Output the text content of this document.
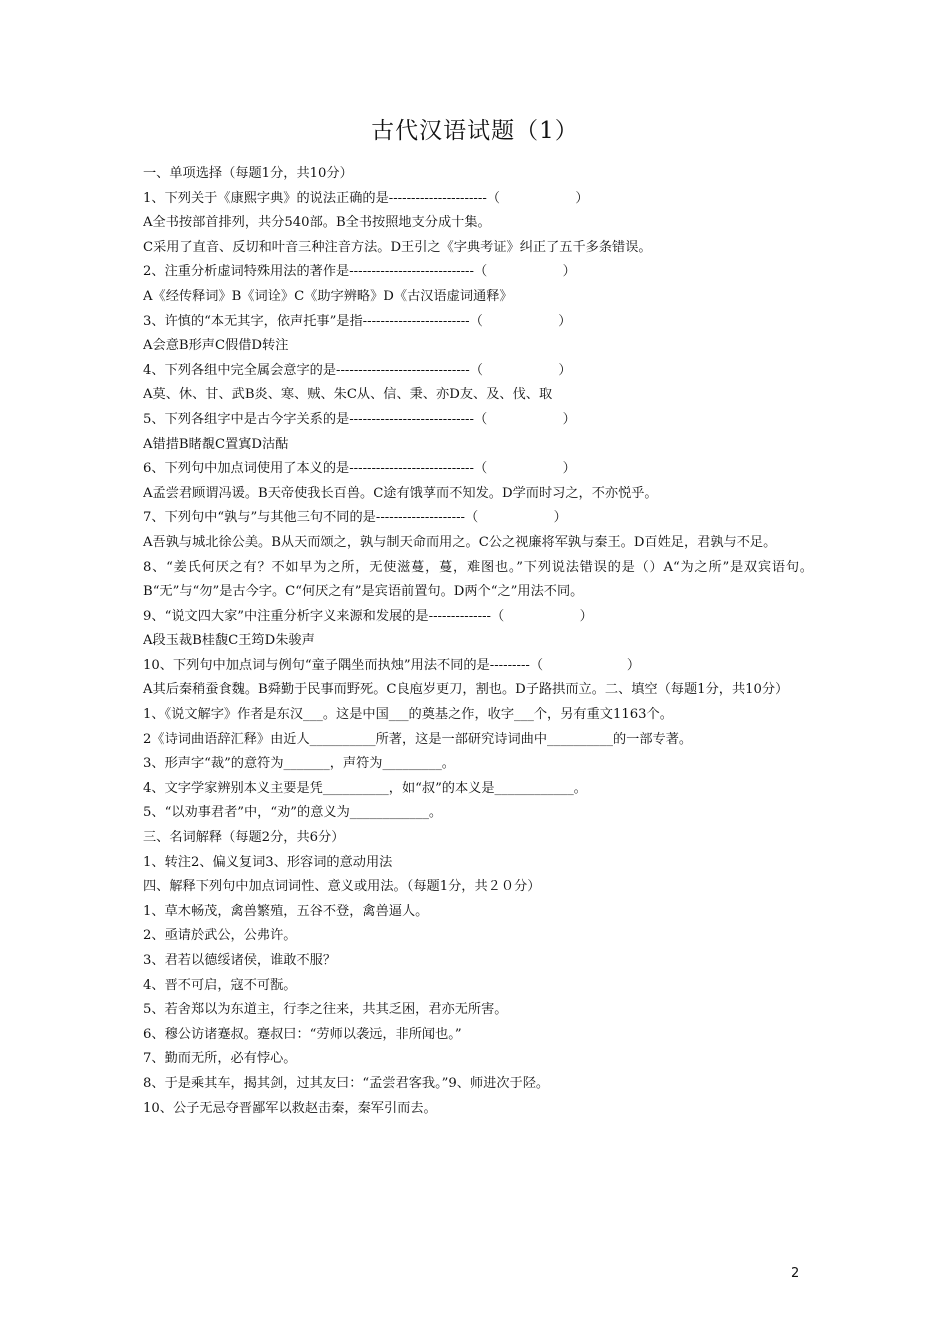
古代汉语试题（1）
一、单项选择（每题1分，共10分）
1、下列关于《康熙字典》的说法正确的是----------------------（                  ）
A全书按部首排列，共分540部。B全书按照地支分成十集。
C采用了直音、反切和叶音三种注音方法。D王引之《字典考证》纠正了五千多条错误。
2、注重分析虚词特殊用法的著作是----------------------------（                  ）
A《经传释词》B《词诠》C《助字辨略》D《古汉语虚词通释》
3、许慎的“本无其字，依声托事”是指------------------------（                  ）
A会意B形声C假借D转注
4、下列各组中完全属会意字的是------------------------------（                  ）
A莫、休、甘、武B炎、寒、贼、朱C从、信、秉、亦D友、及、伐、取
5、下列各组字中是古今字关系的是----------------------------（                  ）
A错措B睹覩C置寘D沽酤
6、下列句中加点词使用了本义的是----------------------------（                  ）
A孟尝君顾谓冯谖。B天帝使我长百兽。C途有饿莩而不知发。D学而时习之，不亦悦乎。
7、下列句中“孰与”与其他三句不同的是--------------------（                  ）
A吾孰与城北徐公美。B从天而颂之，孰与制天命而用之。C公之视廉将军孰与秦王。D百姓足，君孰与不足。
8、“姜氏何厌之有？不如早为之所，无使滋蔓，蔓，难图也。”下列说法错误的是（）A“为之所”是双宾语句。B“无”与“勿”是古今字。C“何厌之有”是宾语前置句。D两个“之”用法不同。
9、“说文四大家”中注重分析字义来源和发展的是--------------（                  ）
A段玉裁B桂馥C王筠D朱骏声
10、下列句中加点词与例句“童子隅坐而执烛”用法不同的是---------（                    ）
A其后秦稍蚕食魏。B舜勤于民事而野死。C良庖岁更刀，割也。D子路拱而立。二、填空（每题1分，共10分）
1、《说文解字》作者是东汉___。这是中国___的奠基之作，收字___个，另有重文1163个。
2《诗词曲语辞汇释》由近人__________所著，这是一部研究诗词曲中__________的一部专著。
3、形声字“裁”的意符为_______，声符为_________。
4、文字学家辨别本义主要是凭__________，如“叔”的本义是____________。
5、“以劝事君者”中，“劝”的意义为____________。
三、名词解释（每题2分，共6分）
1、转注2、偏义复词3、形容词的意动用法
四、解释下列句中加点词词性、意义或用法。（每题1分，共２０分）
1、草木畅茂，禽兽繁殖，五谷不登，禽兽逼人。
2、亟请於武公，公弗许。
3、君若以德绥诸侯，谁敢不服？
4、晋不可启，寇不可翫。
5、若舍郑以为东道主，行李之往来，共其乏困，君亦无所害。
6、穆公访诸蹇叔。蹇叔曰：“劳师以袭远，非所闻也。”
7、勤而无所，必有悖心。
8、于是乘其车，揭其剑，过其友曰：“孟尝君客我。”9、师进次于陉。
10、公子无忌夺晋鄙军以救赵击秦，秦军引而去。
2
